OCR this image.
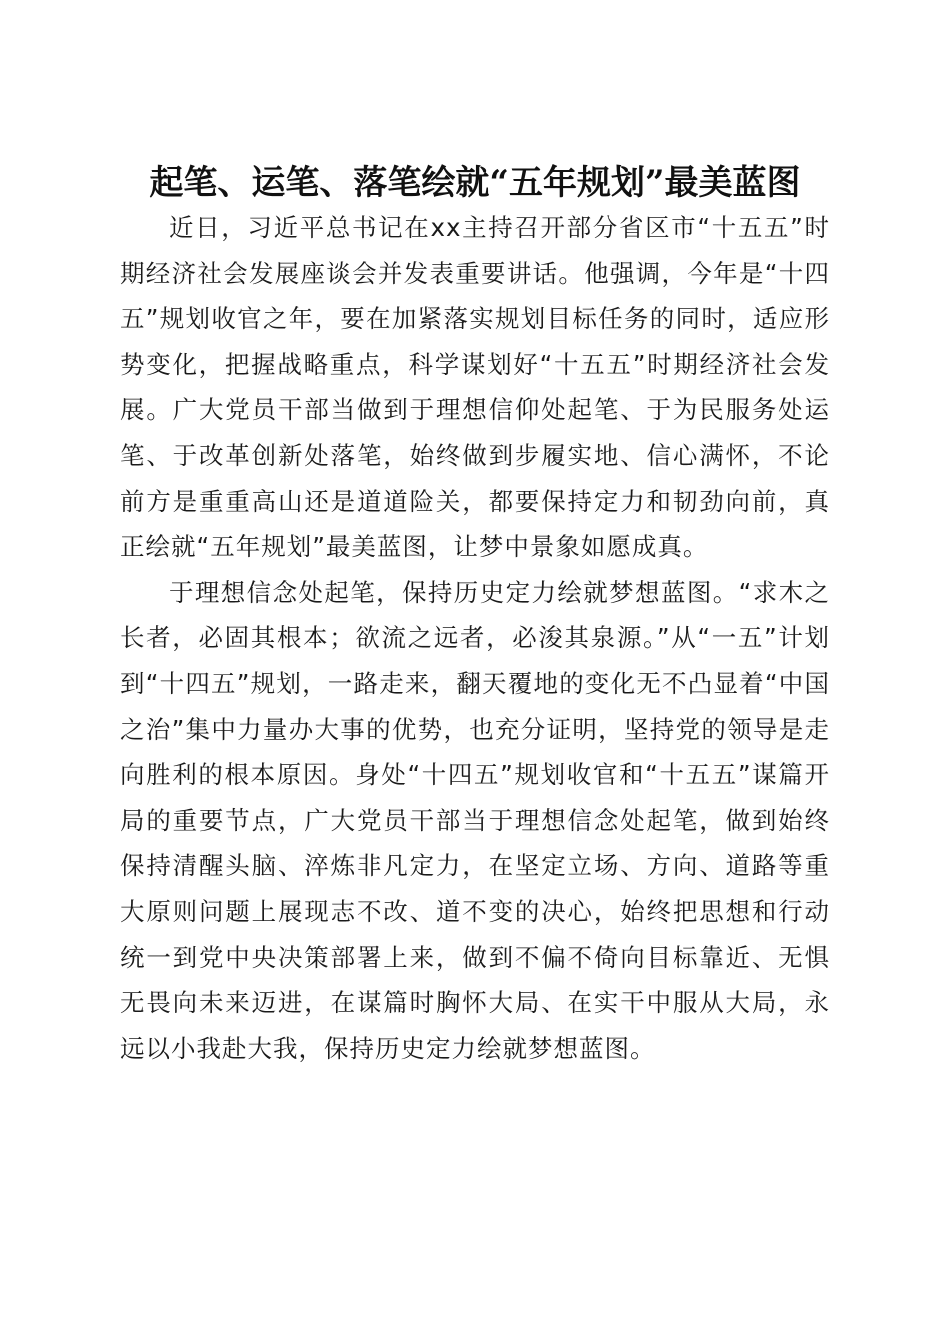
起笔、运笔、落笔绘就“五年规划”最美蓝图

近日，习近平总书记在xx主持召开部分省区市“十五五”时期经济社会发展座谈会并发表重要讲话。他强调，今年是“十四五”规划收官之年，要在加紧落实规划目标任务的同时，适应形势变化，把握战略重点，科学谋划好“十五五”时期经济社会发展。广大党员干部当做到于理想信仰处起笔、于为民服务处运笔、于改革创新处落笔，始终做到步履实地、信心满怀，不论前方是重重高山还是道道险关，都要保持定力和韧劲向前，真正绘就“五年规划”最美蓝图，让梦中景象如愿成真。

于理想信念处起笔，保持历史定力绘就梦想蓝图。“求木之长者，必固其根本；欲流之远者，必浚其泉源。”从“一五”计划到“十四五”规划，一路走来，翻天覆地的变化无不凸显着“中国之治”集中力量办大事的优势，也充分证明，坚持党的领导是走向胜利的根本原因。身处“十四五”规划收官和“十五五”谋篇开局的重要节点，广大党员干部当于理想信念处起笔，做到始终保持清醒头脑、淬炼非凡定力，在坚定立场、方向、道路等重大原则问题上展现志不改、道不变的决心，始终把思想和行动统一到党中央决策部署上来，做到不偏不倚向目标靠近、无惧无畏向未来迈进，在谋篇时胸怀大局、在实干中服从大局，永远以小我赴大我，保持历史定力绘就梦想蓝图。
